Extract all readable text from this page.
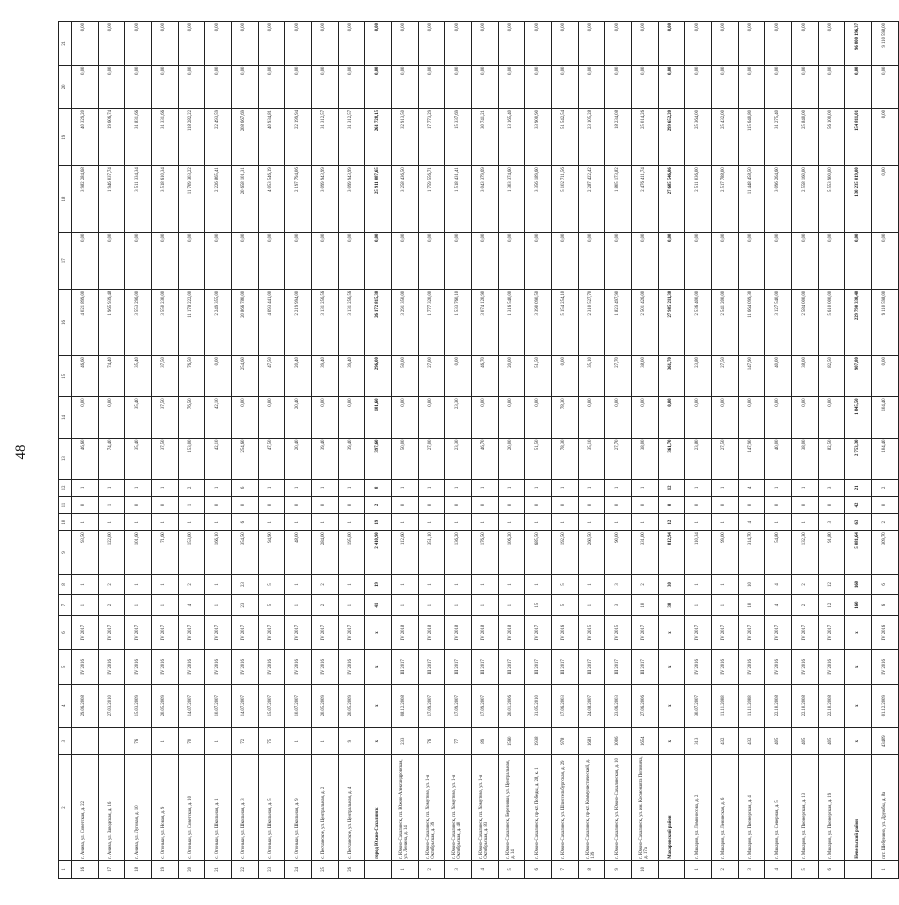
48
1	2	3	4	5	6	7	8	9	10	11	12	13	14	15	16	17	18	19	20	21
16	г. Анива, ул. Советская, д. 22		29.06.2008	IV 2016	IV 2017	1	1	93,50	1	0	1	46,60	0,00	46,60	4 021 899,00	0,00	3 982 284,68	40 329,20	0,00	0,00
17	г. Анива, ул. Заводская, д. 16		27.03.2010	IV 2016	IV 2017	2	2	122,00	1	1	1	74,40	0,00	74,40	1 965 939,48	0,00	1 946 037,74	19 606,74	0,00	0,00
18	г. Анива, ул. Луговая, д. 10	76	15.03.2009	IV 2016	IV 2017	1	1	101,60	1	0	1	35,40	35,40	35,40	3 553 296,00	0,00	3 511 334,34	31 831,66	0,00	0,00
19	с. Огоньки, ул. Новая, д. 9	1	20.05.2009	IV 2016	IV 2017	1	1	71,60	1	0	1	37,50	37,50	37,50	3 550 230,00	0,00	3 518 610,34	31 331,66	0,00	0,00
20	с. Огоньки, ул. Советская, д. 10	70	14.07.2007	IV 2016	IV 2017	4	2	153,00	1	1	2	153,00	76,50	76,50	11 178 222,00	0,00	11 709 303,22	118 282,22	0,00	0,00
21	с. Огоньки, ул. Школьная, д. 1	1	10.07.2007	IV 2016	IV 2017	1	1	166,10	1	0	1	42,10	42,10	0,00	2 249 355,00	0,00	2 226 865,41	22 493,59	0,00	0,00
22	с. Огоньки, ул. Школьная, д. 3	72	14.07.2007	IV 2016	IV 2017	23	23	354,50	6	0	6	254,60	0,00	254,60	20 866 780,00	0,00	20 658 101,31	208 667,69	0,00	0,00
23	с. Огоньки, ул. Школьная, д. 5	75	15.07.2007	IV 2016	IV 2017	5	5	94,90	1	0	1	47,50	0,00	47,50	4 093 441,00	0,00	4 053 546,19	40 934,81	0,00	0,00
24	с. Огоньки, ул. Школьная, д. 9	1	10.07.2007	IV 2016	IV 2017	1	1	48,00	1	0	1	20,40	20,40	20,40	2 219 994,00	0,00	2 197 794,06	22 199,94	0,00	0,00
25	с. Песчанское, ул. Центральная, д. 2	1	20.05.2009	IV 2016	IV 2017	2	2	284,00	1	0	1	39,40	0,00	39,40	3 131 256,56	0,00	3 099 943,99	31 312,57	0,00	0,00
26	с. Песчанское, ул. Центральная, д. 4	9	20.05.2009	IV 2016	IV 2017	1	1	195,00	1	0	1	39,40	0,00	39,40	3 131 256,56	0,00	3 099 943,99	31 312,57	0,00	0,00
	город Южно-Сахалинск	x	x	x	x	41	19	2 410,90	19	2	8	397,60	101,60	296,00	26 172 815,30	0,00	25 911 087,65	261 728,15	0,00	0,00
1	г. Южно-Сахалинск, пл. Южно-Александровская, ул. Ленина, д. 14	233	08.12.2008	III 2017	IV 2018	1	1	112,60	1	0	1	50,00	0,00	50,00	3 291 350,00	0,00	3 258 436,50	32 913,50	0,00	0,00
2	г. Южно-Сахалинск, пл. Хомутово, ул. 1-я Октябрьская, д. 39	76	17.09.2007	III 2017	IV 2018	1	1	351,10	1	0	1	27,00	0,00	27,00	1 777 320,00	0,00	1 759 556,71	17 773,29	0,00	0,00
3	г. Южно-Сахалинск, пл. Хомутово, ул. 1-я Октябрьская, д. 40	77	17.09.2007	III 2017	IV 2018	1	1	136,20	1	0	1	23,30	23,30	0,00	1 533 760,10	0,00	1 518 431,41	15 337,69	0,00	0,00
4	г. Южно-Сахалинск, пл. Хомутово, ул. 1-я Октябрьская, д. 83	89	17.09.2007	III 2017	IV 2018	1	1	176,50	1	0	1	46,70	0,00	46,70	3 074 120,90	0,00	3 043 379,69	30 741,21	0,00	0,00
5	г. Южно-Сахалинск, Березняки, ул. Центральная, д. 14	1560	20.01.2006	III 2017	IV 2018	1	1	106,20	1	0	1	20,00	0,00	20,00	1 316 540,00	0,00	1 303 374,60	13 165,40	0,00	0,00
6	г. Южно-Сахалинск, пр-кт. Победы, д. 28, к. 1	1938	31.05.2010	III 2017	IV 2017	15	1	685,50	1	0	1	51,50	0,00	51,50	3 390 090,50	0,00	3 356 189,60	33 900,90	0,00	0,00
7	г. Южно-Сахалинск, ул. Шлиссельбургская, д. 29	978	17.06.2003	III 2017	IV 2016	5	5	192,50	1	0	1	78,30	78,30	0,00	5 154 254,10	0,00	5 102 711,56	51 542,54	0,00	0,00
8	г. Южно-Сахалинск, пр-кт. Коммунистический, д. 139	1681	24.08.2007	III 2017	IV 2015	1	1	260,50	1	0	1	35,10	0,00	35,10	2 310 527,70	0,00	2 287 422,42	23 105,28	0,00	0,00
9	г. Южно-Сахалинск, ул. Южно-Сахалинская, д. 10	1006	23.06.2003	III 2017	IV 2015	3	3	90,00	1	0	1	27,70	0,00	27,70	1 823 497,90	0,00	1 805 173,82	18 234,08	0,00	0,00
10	г. Южно-Сахалинск, ул. им. Космонавта Поповича, д. 17а	1654	27.06.2006	III 2017	IV 2017	10	2	331,00	1	0	1	38,00	0,00	38,00	2 501 426,00	0,00	2 476 411,74	25 014,26	0,00	0,00
	Макаровский район	x	x	x	x	30	30	812,94	12	0	12	361,70	0,00	361,70	27 985 211,30	0,00	27 685 546,06	299 652,20	0,00	0,00
1	г. Макаров, ул. Ломоносова, д. 2	313	30.07.2007	IV 2016	IV 2017	1	1	110,34	1	0	1	23,80	0,00	23,80	2 536 400,00	0,00	2 511 036,00	25 364,00	0,00	0,00
2	г. Макаров, ул. Ленинская, д. 6	432	11.11.2008	IV 2016	IV 2017	1	1	99,00	1	0	1	27,50	0,00	27,50	2 541 200,00	0,00	2 517 788,00	25 432,00	0,00	0,00
3	г. Макаров, ул. Пионерская, д. 4	432	11.11.2008	IV 2016	IV 2017	10	10	314,70	4	0	4	147,90	0,00	147,90	11 664 099,30	0,00	11 448 458,50	115 640,80	0,00	0,00
4	г. Макаров, ул. Северная, д. 5	405	22.10.2008	IV 2016	IV 2017	4	4	54,80	1	0	1	40,00	0,00	40,00	3 127 540,00	0,00	3 096 264,60	31 275,40	0,00	0,00
5	г. Макаров, ул. Пионерская, д. 13	405	22.10.2008	IV 2016	IV 2017	2	2	132,30	1	0	1	38,00	0,00	38,00	2 584 000,00	0,00	2 558 160,00	25 840,00	0,00	0,00
6	г. Макаров, ул. Пионерская, д. 19	405	22.10.2008	IV 2016	IV 2017	12	12	91,80	3	0	3	82,50	0,00	82,50	5 610 000,00	0,00	5 553 900,00	56 100,00	0,00	0,00
	Невельский район	x	x	x	x	160	160	5 081,64	63	42	21	2 753,30	1 845,50	907,80	229 790 330,40	0,00	130 235 019,00	154 811,01	0,00	96 800 196,37
1	пгт. Шебунино, ул. Дружбы, д. 8а	43409	01.12.2009	IV 2016	IV 2016	6	6	309,70	2	0	2	104,40	104,40	0,00	9 110 598,00	0,00	0,00	0,00	0,00	9 110 598,00
